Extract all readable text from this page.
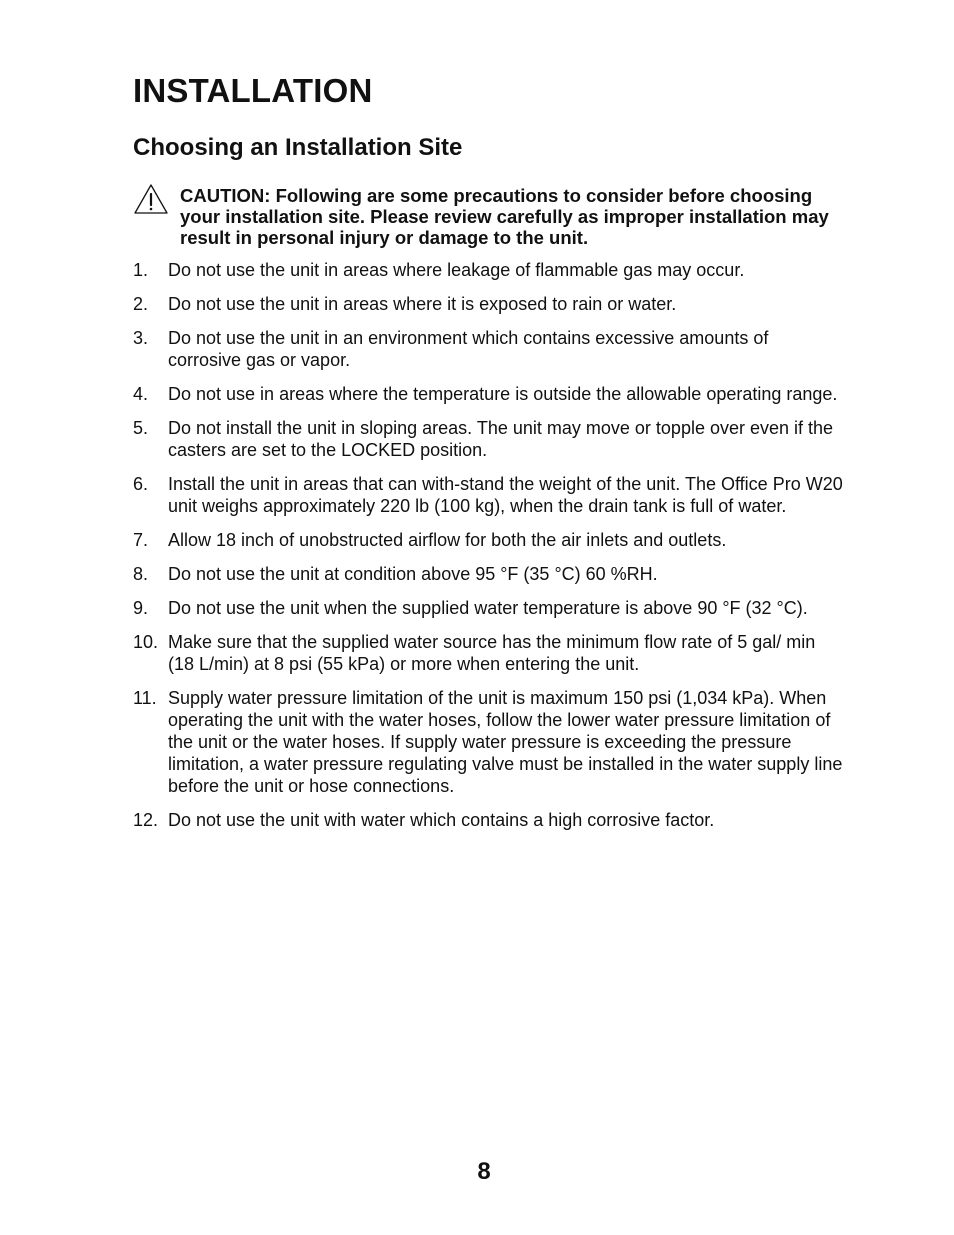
INSTALLATION
Choosing an Installation Site

CAUTION: Following are some precautions to consider before choosing your installation site. Please review carefully as improper installation may result in personal injury or damage to the unit.

1.	Do not use the unit in areas where leakage of flammable gas may occur.
2.	Do not use the unit in areas where it is exposed to rain or water.
3.	Do not use the unit in an environment which contains excessive amounts of corrosive gas or vapor.
4.	Do not use in areas where the temperature is outside the allowable operating range.
5.	Do not install the unit in sloping areas. The unit may move or topple over even if the casters are set to the LOCKED position.
6.	Install the unit in areas that can with-stand the weight of the unit. The Office Pro W20 unit weighs approximately 220 lb (100 kg), when the drain tank is full of water.
7.	Allow 18 inch of unobstructed airflow for both the air inlets and outlets.
8.	Do not use the unit at condition above 95 °F (35 °C) 60 %RH.
9.	Do not use the unit when the supplied water temperature is above 90 °F (32 °C).
10. Make sure that the supplied water source has the minimum flow rate of 5 gal/ min (18 L/min) at 8 psi (55 kPa) or more when entering the unit.
11. Supply water pressure limitation of the unit is maximum 150 psi (1,034 kPa). When operating the unit with the water hoses, follow the lower water pressure limitation of the unit or the water hoses. If supply water pressure is exceeding the pressure limitation, a water pressure regulating valve must be installed in the water supply line before the unit or hose connections.
12. Do not use the unit with water which contains a high corrosive factor.
8
